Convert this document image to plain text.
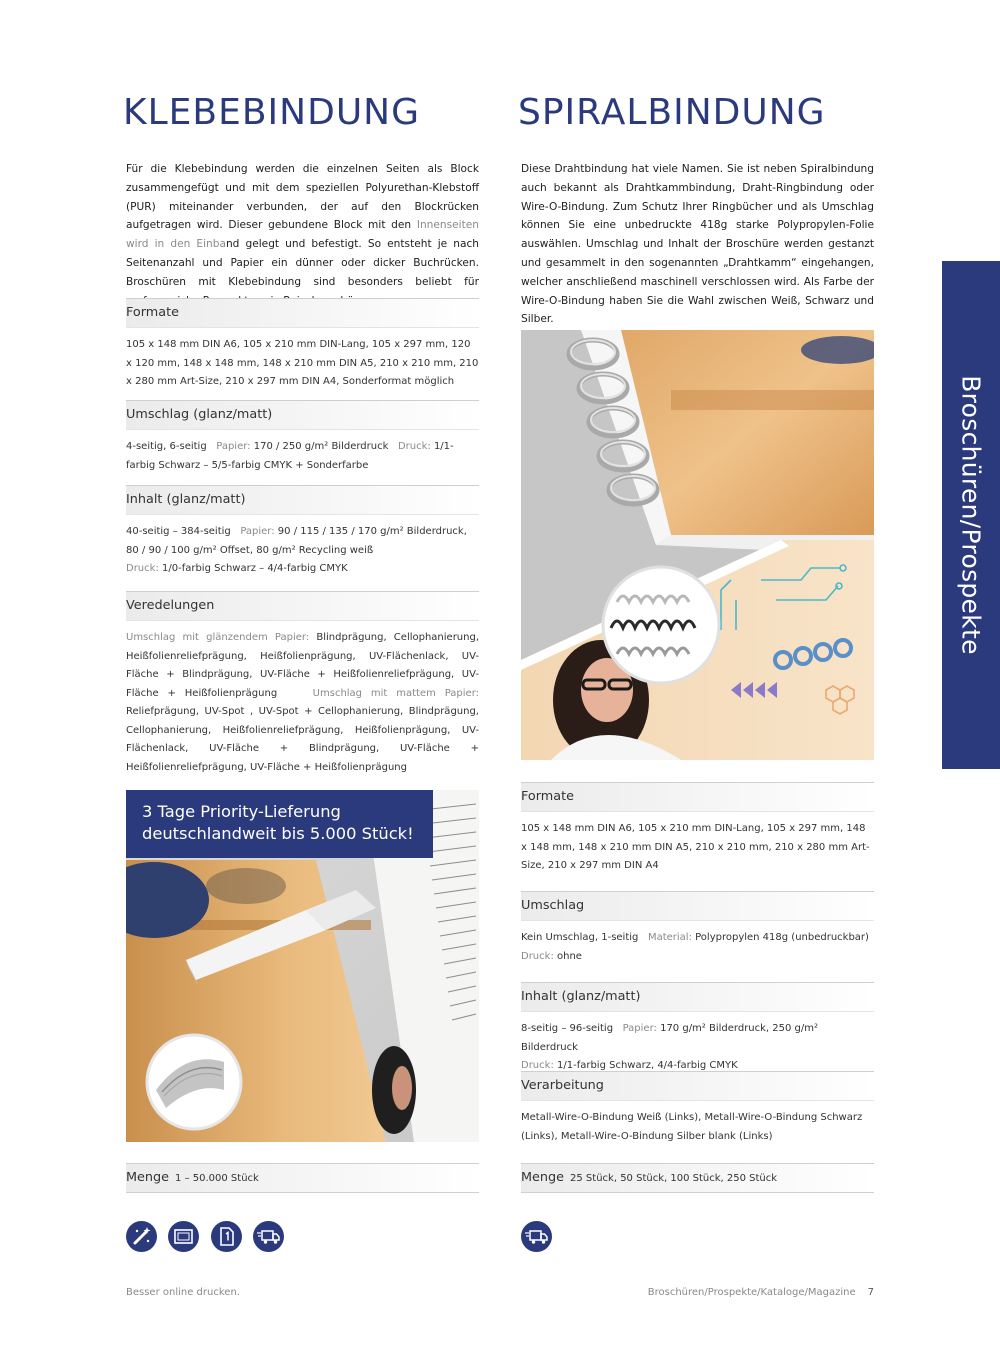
KLEBEBINDUNG

Für die Klebebindung werden die einzelnen Seiten als Block zusammengefügt und mit dem speziellen Polyurethan-Klebstoff (PUR) miteinander verbunden, der auf den Blockrücken aufgetragen wird. Dieser gebundene Block mit den Innenseiten wird in den Einband gelegt und befestigt. So entsteht je nach Seitenanzahl und Papier ein dünner oder dicker Buchrücken. Broschüren mit Klebebindung sind besonders beliebt für

Formate

105 x 148 mm DIN A6, 105 x 210 mm DIN-Lang, 105 x 297 mm, 120 x 120 mm, 148 x 148 mm, 148 x 210 mm DIN A5, 210 x 210 mm, 210 x 280 mm Art-Size, 210 x 297 mm DIN A4, Sonderformat möglich

Umschlag (glanz/matt)

4-seitig, 6-seitig Papier: 170 / 250 g/m² Bilderdruck Druck: 1/1-farbig Schwarz – 5/5-farbig CMYK + Sonderfarbe

Inhalt (glanz/matt)

40-seitig – 384-seitig Papier: 90 / 115 / 135 / 170 g/m² Bilderdruck, 80 / 90 / 100 g/m² Offset, 80 g/m² Recycling weiß
Druck: 1/0-farbig Schwarz – 4/4-farbig CMYK

Veredelungen

Umschlag mit glänzendem Papier: Blindprägung, Cellophanierung, Heißfolienreliefprägung, Heißfolienprägung, UV-Flächenlack, UV-Fläche + Blindprägung, UV-Fläche + Heißfolienreliefprägung, UV-Fläche + Heißfolienprägung	Umschlag mit mattem Papier: Reliefprägung, UV-Spot , UV-Spot + Cellophanierung, Blindprägung, Cellophanierung, Heißfolienreliefprägung, Heißfolienprägung, UV-Flächenlack, UV-Fläche + Blindprägung, UV-Fläche + Heißfolienreliefprägung, UV-Fläche + Heißfolienprägung

3 Tage Priority-Lieferung
deutschlandweit bis 5.000 Stück!
Menge 1 – 50.000 Stück
SPIRALBINDUNG

Diese Drahtbindung hat viele Namen. Sie ist neben Spiralbindung auch bekannt als Drahtkammbindung, Draht-Ringbindung oder Wire-O-Bindung. Zum Schutz Ihrer Ringbücher und als Umschlag können Sie eine unbedruckte 418g starke Polypropylen-Folie auswählen. Umschlag und Inhalt der Broschüre werden gestanzt und gesammelt in den sogenannten „Drahtkamm“ eingehangen, welcher anschließend maschinell verschlossen wird. Als Farbe der Wire-O-Bindung haben Sie die Wahl zwischen Weiß, Schwarz und Silber.

Formate

105 x 148 mm DIN A6, 105 x 210 mm DIN-Lang, 105 x 297 mm, 148 x 148 mm, 148 x 210 mm DIN A5, 210 x 210 mm, 210 x 280 mm Art-Size, 210 x 297 mm DIN A4

Umschlag

Kein Umschlag, 1-seitig Material: Polypropylen 418g (unbedruckbar)
Druck: ohne

Inhalt (glanz/matt)

8-seitig – 96-seitig Papier: 170 g/m² Bilderdruck, 250 g/m² Bilderdruck
Druck: 1/1-farbig Schwarz, 4/4-farbig CMYK

Verarbeitung

Metall-Wire-O-Bindung Weiß (Links), Metall-Wire-O-Bindung Schwarz (Links), Metall-Wire-O-Bindung Silber blank (Links)

Menge 25 Stück, 50 Stück, 100 Stück, 250 Stück
Broschüren/Prospekte
Besser online drucken.	Broschüren/Prospekte/Kataloge/Magazine 7
